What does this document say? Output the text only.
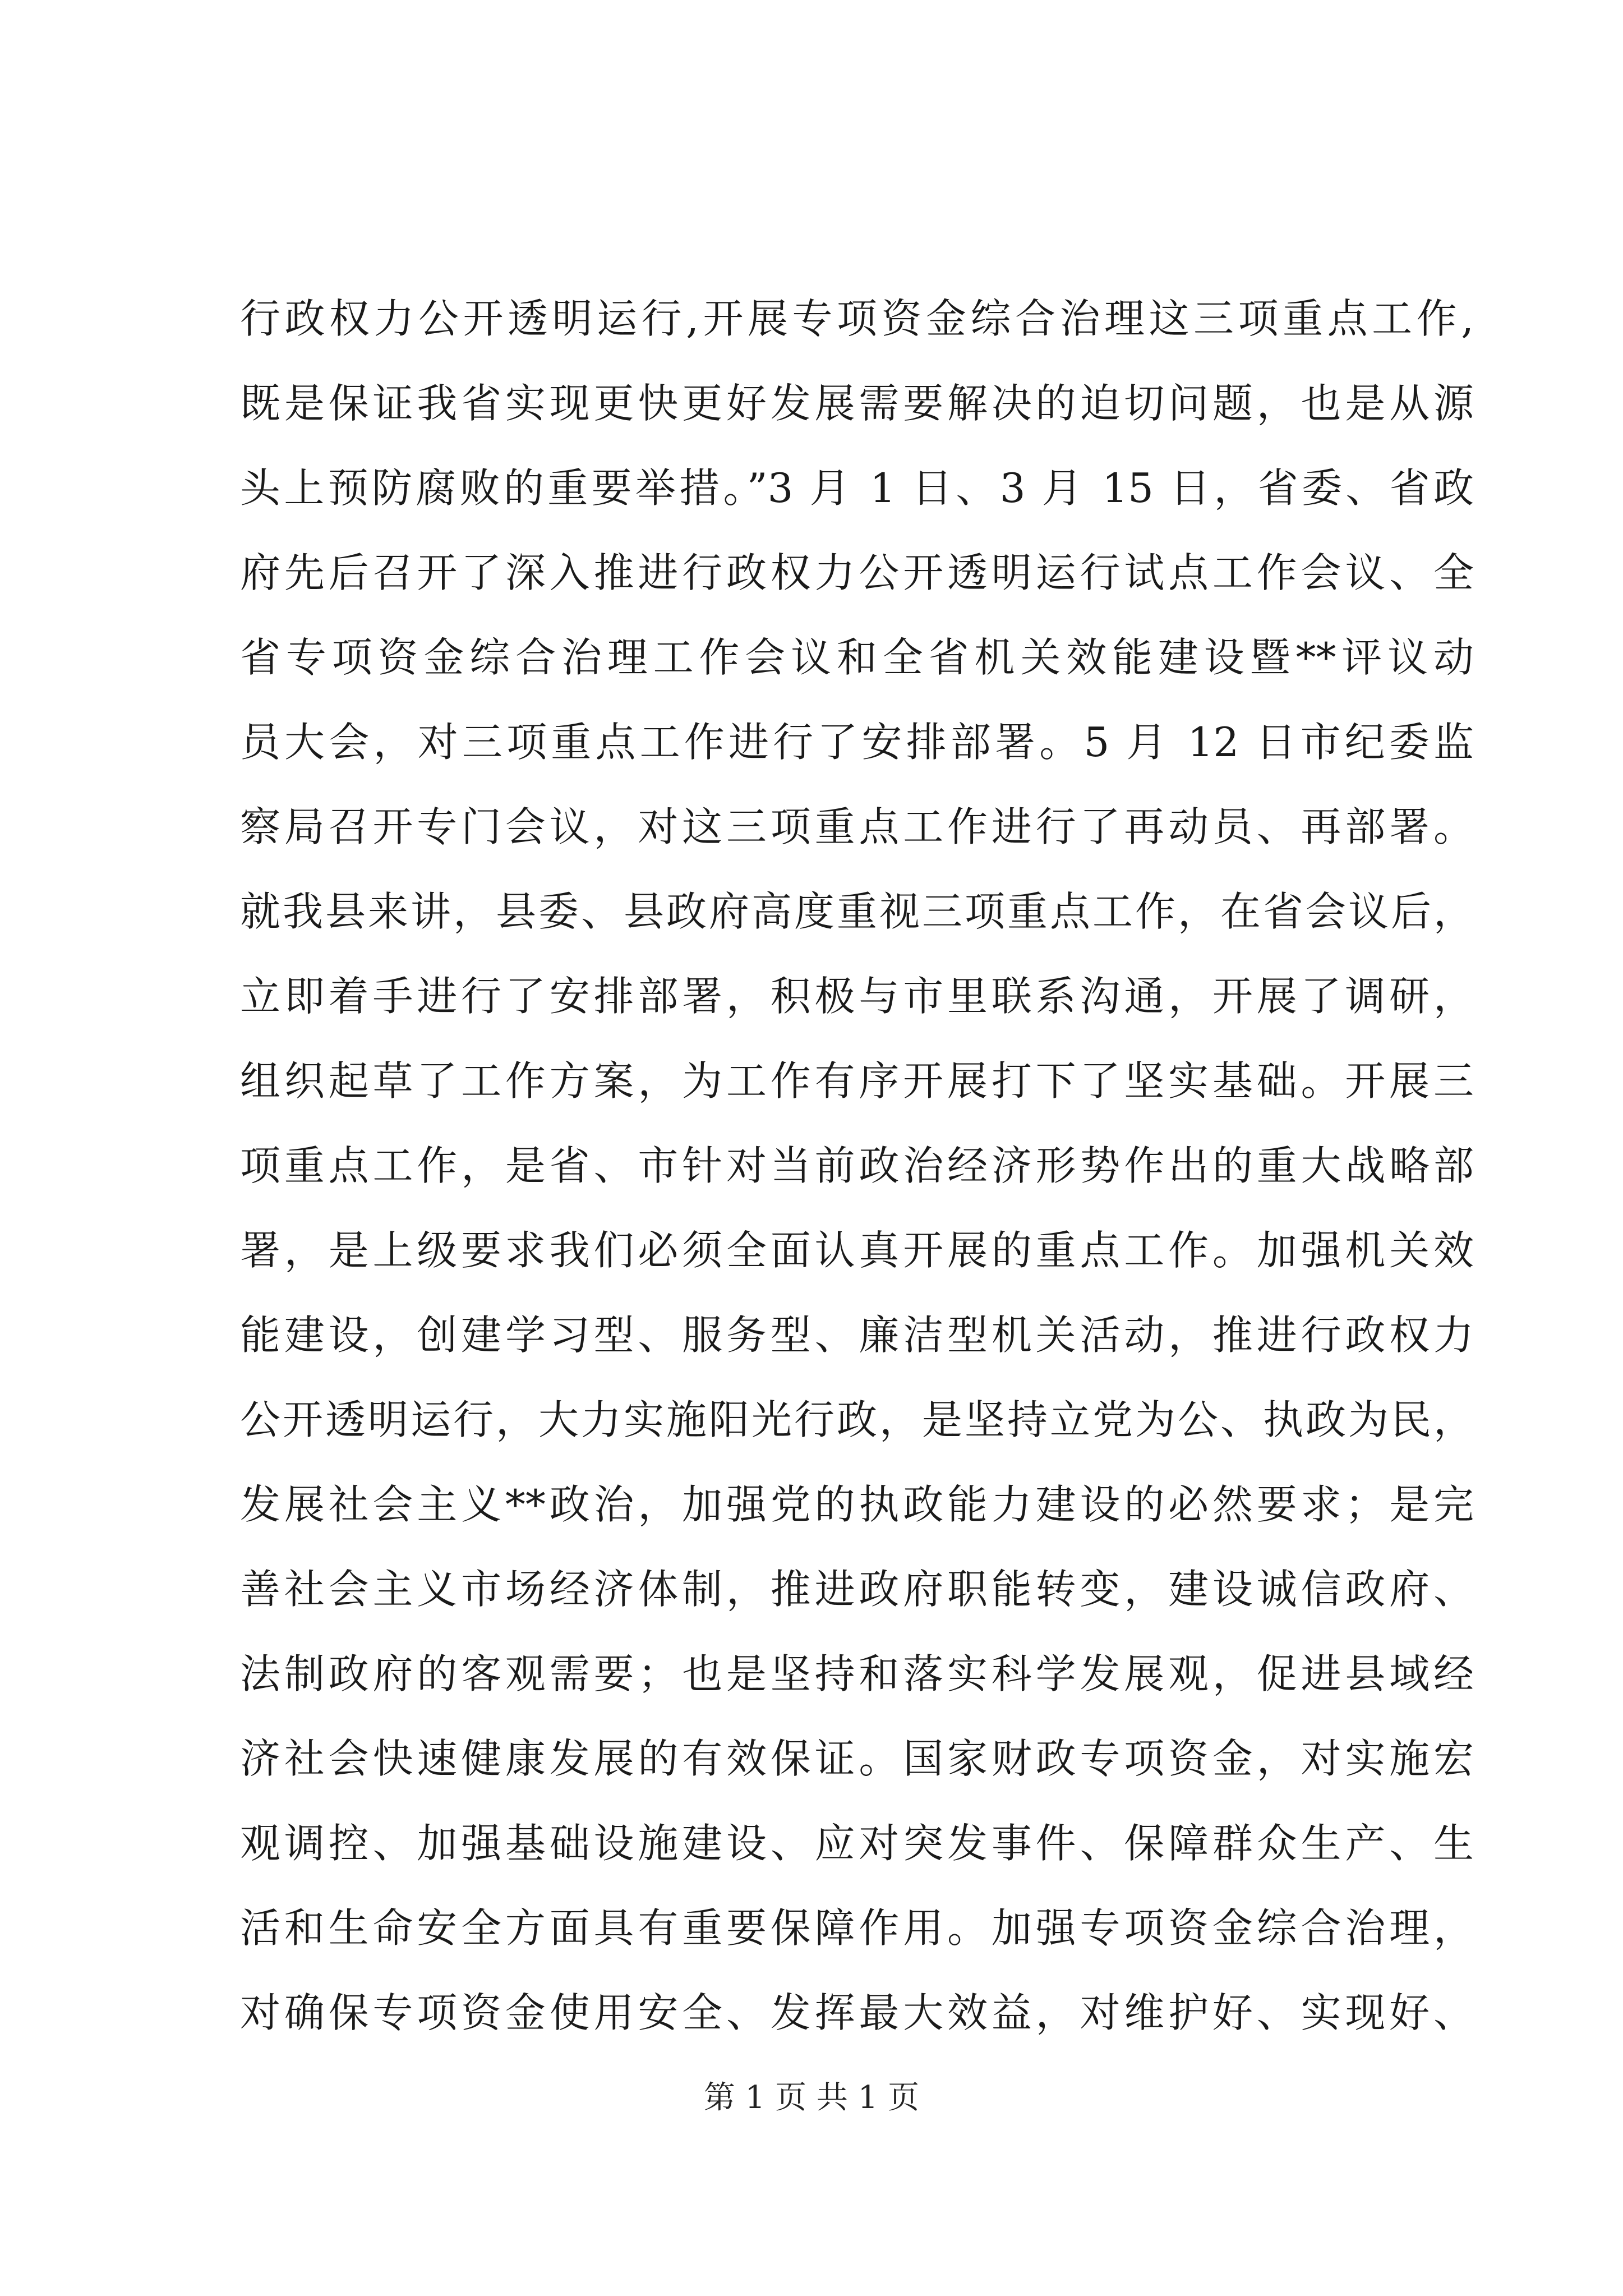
行政权力公开透明运行,开展专项资金综合治理这三项重点工作,
既是保证我省实现更快更好发展需要解决的迫切问题，也是从源
头上预防腐败的重要举措。”3 月 1 日、3 月 15 日，省委、省政
府先后召开了深入推进行政权力公开透明运行试点工作会议、全
省专项资金综合治理工作会议和全省机关效能建设暨**评议动
员大会，对三项重点工作进行了安排部署。5 月 12 日市纪委监
察局召开专门会议，对这三项重点工作进行了再动员、再部署。
就我县来讲，县委、县政府高度重视三项重点工作，在省会议后，
立即着手进行了安排部署，积极与市里联系沟通，开展了调研，
组织起草了工作方案，为工作有序开展打下了坚实基础。开展三
项重点工作，是省、市针对当前政治经济形势作出的重大战略部
署，是上级要求我们必须全面认真开展的重点工作。加强机关效
能建设，创建学习型、服务型、廉洁型机关活动，推进行政权力
公开透明运行，大力实施阳光行政，是坚持立党为公、执政为民，
发展社会主义**政治，加强党的执政能力建设的必然要求；是完
善社会主义市场经济体制，推进政府职能转变，建设诚信政府、
法制政府的客观需要；也是坚持和落实科学发展观，促进县域经
济社会快速健康发展的有效保证。国家财政专项资金，对实施宏
观调控、加强基础设施建设、应对突发事件、保障群众生产、生
活和生命安全方面具有重要保障作用。加强专项资金综合治理，
对确保专项资金使用安全、发挥最大效益，对维护好、实现好、
第 1 页 共 1 页
